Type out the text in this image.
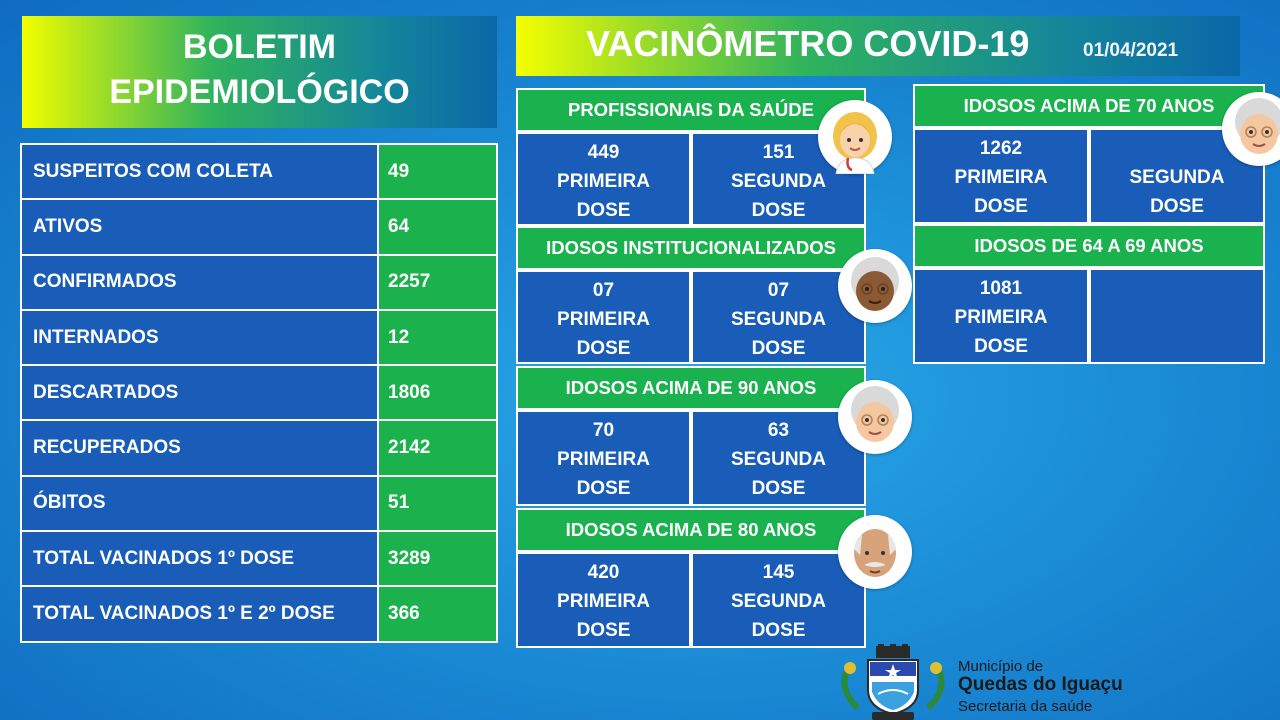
BOLETIM
EPIDEMIOLÓGICO
VACINÔMETRO COVID-19	01/04/2021
SUSPEITOS COM COLETA	49
ATIVOS	64
CONFIRMADOS	2257
INTERNADOS	12
DESCARTADOS	1806
RECUPERADOS	2142
ÓBITOS	51
TOTAL VACINADOS 1º DOSE	3289
TOTAL VACINADOS 1º E 2º DOSE	366
PROFISSIONAIS DA SAÚDE
449
PRIMEIRA
DOSE
151
SEGUNDA
DOSE
IDOSOS INSTITUCIONALIZADOS
07
PRIMEIRA
DOSE
07
SEGUNDA
DOSE
IDOSOS ACIMA DE 90 ANOS
70
PRIMEIRA
DOSE
63
SEGUNDA
DOSE
IDOSOS ACIMA DE 80 ANOS
420
PRIMEIRA
DOSE
145
SEGUNDA
DOSE
IDOSOS ACIMA DE 70 ANOS
1262
PRIMEIRA
DOSE
SEGUNDA
DOSE
IDOSOS DE 64 A 69 ANOS
1081
PRIMEIRA
DOSE
Município de
Quedas do Iguaçu
Secretaria da saúde
